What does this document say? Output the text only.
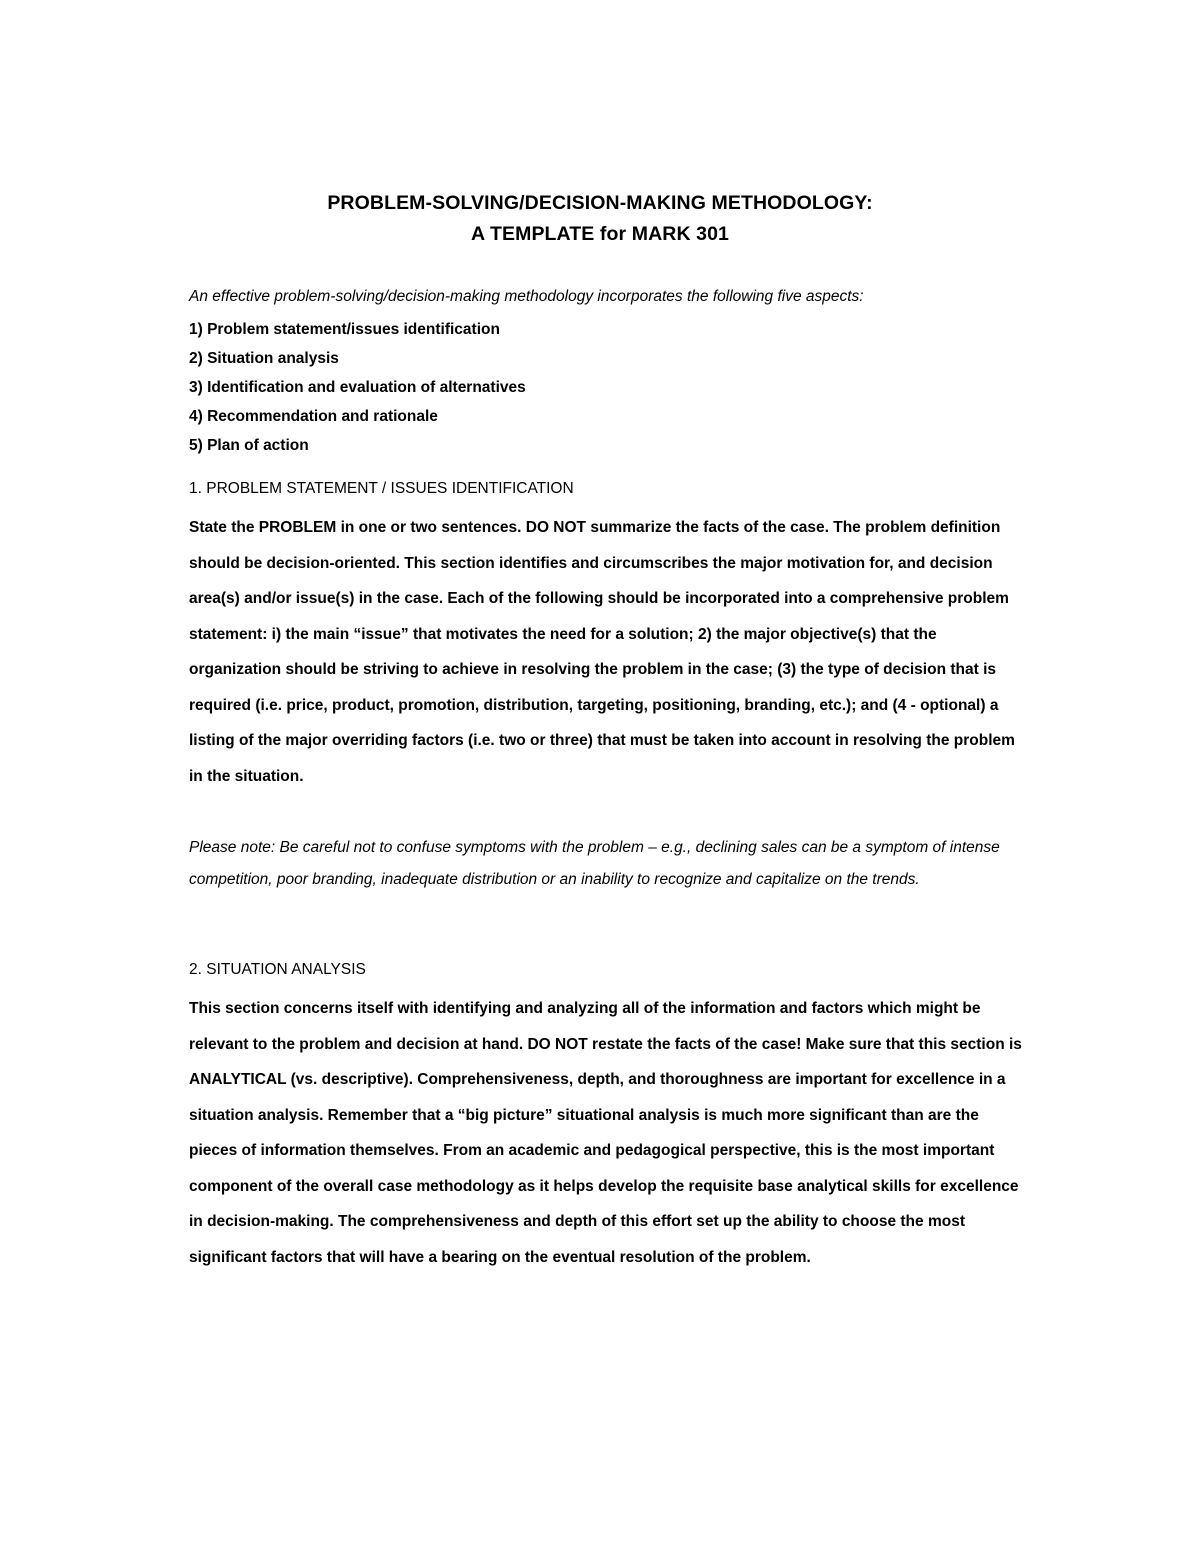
PROBLEM-SOLVING/DECISION-MAKING METHODOLOGY:
A TEMPLATE for MARK 301

An effective problem-solving/decision-making methodology incorporates the following five aspects:

1) Problem statement/issues identification
2) Situation analysis
3) Identification and evaluation of alternatives
4) Recommendation and rationale
5) Plan of action

1. PROBLEM STATEMENT / ISSUES IDENTIFICATION

State the PROBLEM in one or two sentences. DO NOT summarize the facts of the case. The problem definition should be decision-oriented. This section identifies and circumscribes the major motivation for, and decision area(s) and/or issue(s) in the case. Each of the following should be incorporated into a comprehensive problem statement: i) the main “issue” that motivates the need for a solution; 2) the major objective(s) that the organization should be striving to achieve in resolving the problem in the case; (3) the type of decision that is required (i.e. price, product, promotion, distribution, targeting, positioning, branding, etc.); and (4 - optional) a listing of the major overriding factors (i.e. two or three) that must be taken into account in resolving the problem in the situation.

Please note: Be careful not to confuse symptoms with the problem – e.g., declining sales can be a symptom of intense competition, poor branding, inadequate distribution or an inability to recognize and capitalize on the trends.

2. SITUATION ANALYSIS

This section concerns itself with identifying and analyzing all of the information and factors which might be relevant to the problem and decision at hand. DO NOT restate the facts of the case! Make sure that this section is ANALYTICAL (vs. descriptive). Comprehensiveness, depth, and thoroughness are important for excellence in a situation analysis. Remember that a “big picture” situational analysis is much more significant than are the pieces of information themselves. From an academic and pedagogical perspective, this is the most important component of the overall case methodology as it helps develop the requisite base analytical skills for excellence in decision-making. The comprehensiveness and depth of this effort set up the ability to choose the most significant factors that will have a bearing on the eventual resolution of the problem.
